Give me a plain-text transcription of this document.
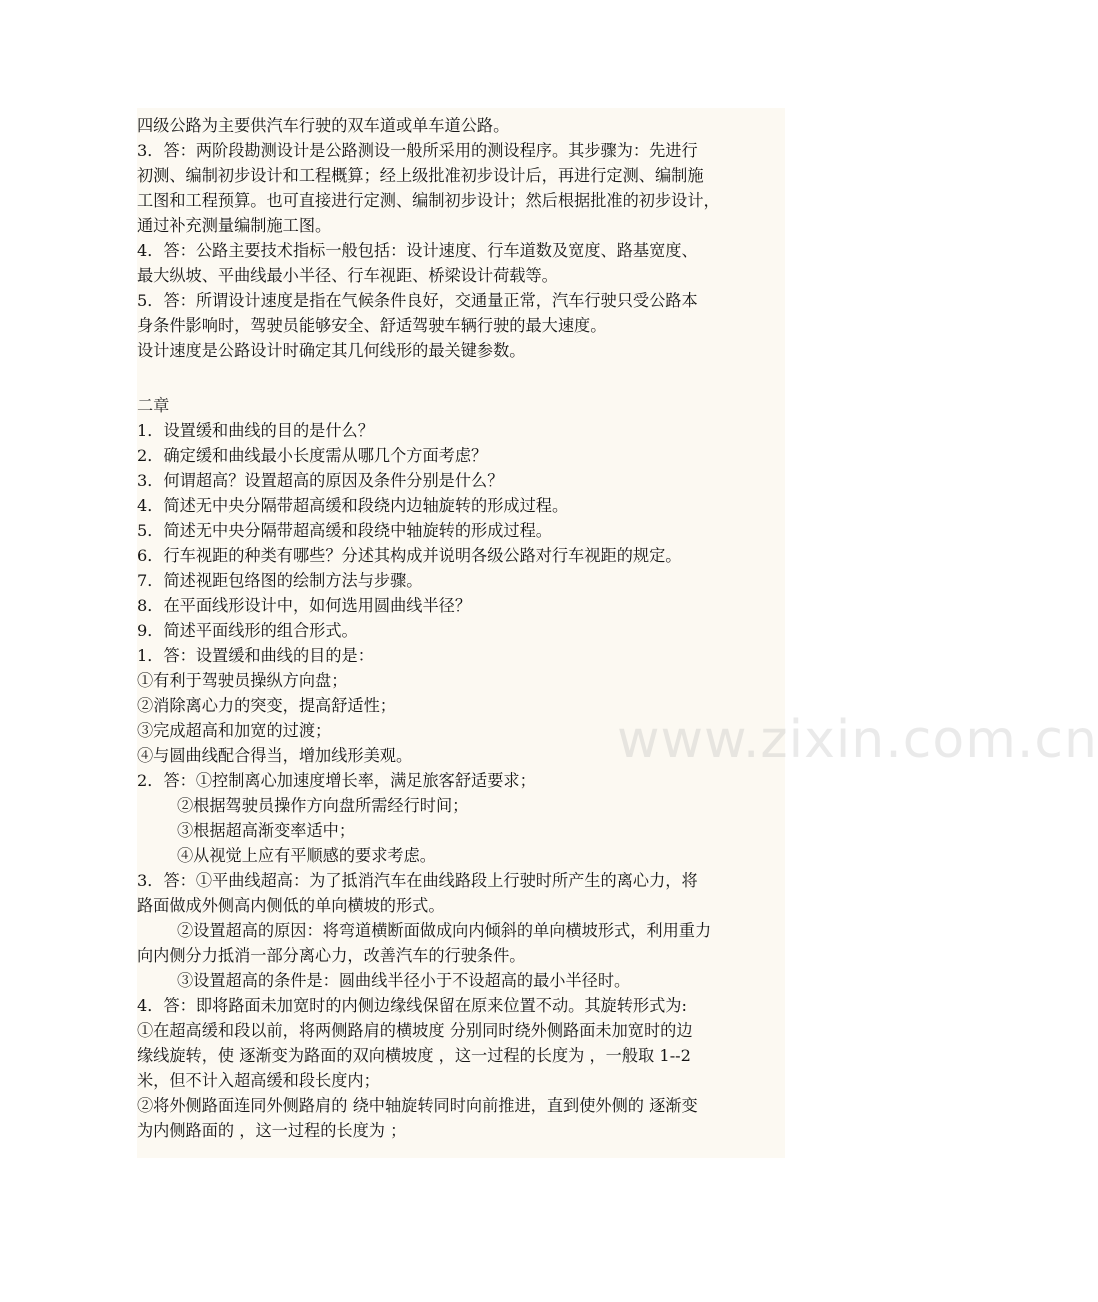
www.zixin.com.cn
四级公路为主要供汽车行驶的双车道或单车道公路。
3．答：两阶段勘测设计是公路测设一般所采用的测设程序。其步骤为：先进行
初测、编制初步设计和工程概算；经上级批准初步设计后，再进行定测、编制施
工图和工程预算。也可直接进行定测、编制初步设计；然后根据批准的初步设计，
通过补充测量编制施工图。
4．答：公路主要技术指标一般包括：设计速度、行车道数及宽度、路基宽度、
最大纵坡、平曲线最小半径、行车视距、桥梁设计荷载等。
5．答：所谓设计速度是指在气候条件良好，交通量正常，汽车行驶只受公路本
身条件影响时，驾驶员能够安全、舒适驾驶车辆行驶的最大速度。
设计速度是公路设计时确定其几何线形的最关键参数。
二章
1．设置缓和曲线的目的是什么？
2．确定缓和曲线最小长度需从哪几个方面考虑？
3．何谓超高？设置超高的原因及条件分别是什么？
4．简述无中央分隔带超高缓和段绕内边轴旋转的形成过程。
5．简述无中央分隔带超高缓和段绕中轴旋转的形成过程。
6．行车视距的种类有哪些？分述其构成并说明各级公路对行车视距的规定。
7．简述视距包络图的绘制方法与步骤。
8．在平面线形设计中，如何选用圆曲线半径？
9．简述平面线形的组合形式。
1．答：设置缓和曲线的目的是：
①有利于驾驶员操纵方向盘；
②消除离心力的突变，提高舒适性；
③完成超高和加宽的过渡；
④与圆曲线配合得当，增加线形美观。
2．答：①控制离心加速度增长率，满足旅客舒适要求；
②根据驾驶员操作方向盘所需经行时间；
③根据超高渐变率适中；
④从视觉上应有平顺感的要求考虑。
3．答：①平曲线超高：为了抵消汽车在曲线路段上行驶时所产生的离心力，将
路面做成外侧高内侧低的单向横坡的形式。
②设置超高的原因：将弯道横断面做成向内倾斜的单向横坡形式，利用重力
向内侧分力抵消一部分离心力，改善汽车的行驶条件。
③设置超高的条件是：圆曲线半径小于不设超高的最小半径时。
4．答：即将路面未加宽时的内侧边缘线保留在原来位置不动。其旋转形式为:
①在超高缓和段以前，将两侧路肩的横坡度 分别同时绕外侧路面未加宽时的边
缘线旋转，使 逐渐变为路面的双向横坡度 ，这一过程的长度为 ，一般取 1--2
米，但不计入超高缓和段长度内；
②将外侧路面连同外侧路肩的 绕中轴旋转同时向前推进，直到使外侧的 逐渐变
为内侧路面的 ，这一过程的长度为 ；
